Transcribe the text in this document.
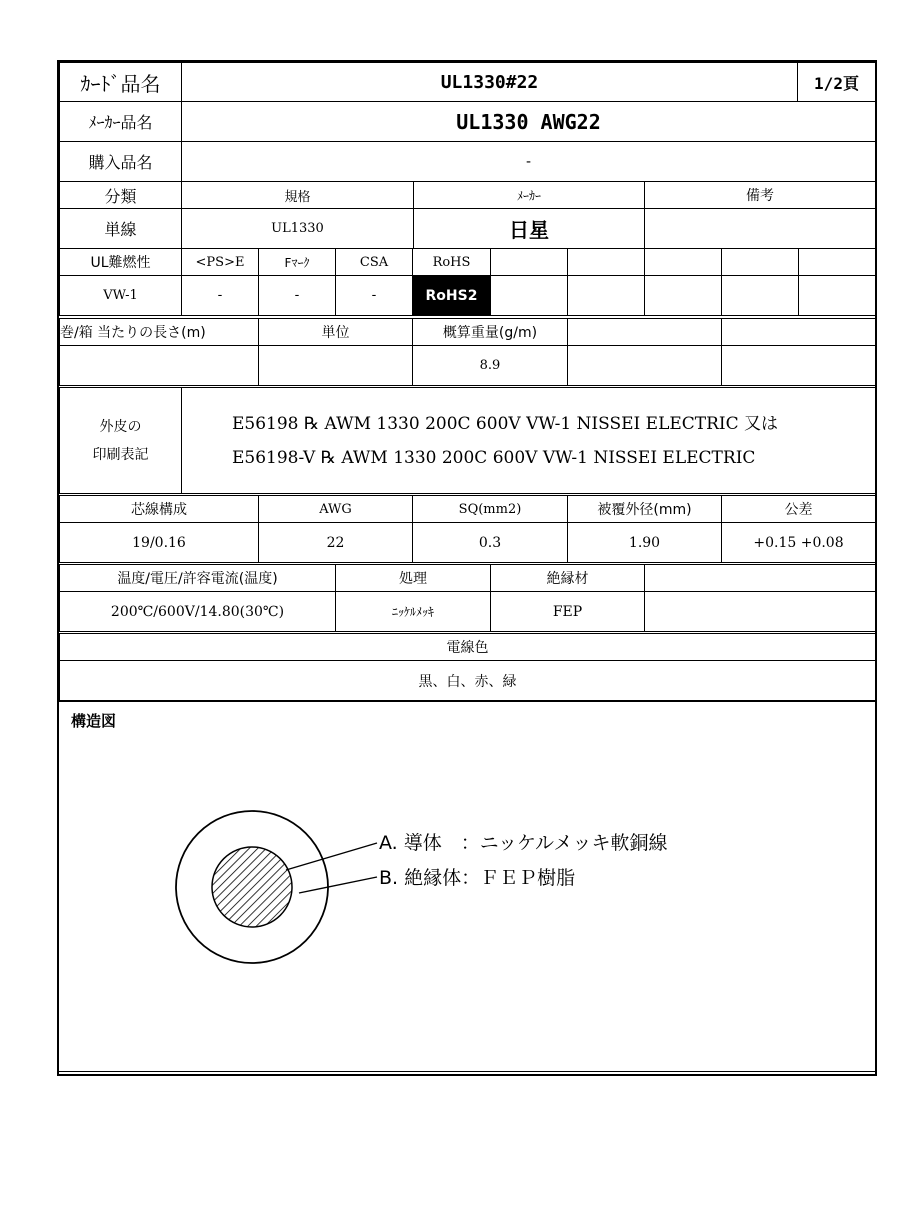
ｶｰﾄﾞ品名	UL1330#22	1/2頁
ﾒｰｶｰ品名	UL1330 AWG22	
購入品名	-	
分類	規格	ﾒｰｶｰ	備考
単線	UL1330	日星	
UL難燃性	<PS>E	Fﾏｰｸ	CSA	RoHS					
VW-1	-	-	-	RoHS2					
巻/箱 当たりの長さ(m)	単位	概算重量(g/m)		
		8.9		
外皮の
印刷表記

E56198 ℞ AWM 1330 200C 600V VW-1 NISSEI ELECTRIC 又は
E56198-V ℞ AWM 1330 200C 600V VW-1 NISSEI ELECTRIC
芯線構成	AWG	SQ(mm2)	被覆外径(mm)	公差
19/0.16	22	0.3	1.90	+0.15 +0.08
温度/電圧/許容電流(温度)	処理	絶縁材	
200℃/600V/14.80(30℃)	ﾆｯｹﾙﾒｯｷ	FEP	
電線色
黒、白、赤、緑
構造図
A. 導体　：ニッケルメッキ軟銅線
B. 絶縁体：ＦＥＰ樹脂
